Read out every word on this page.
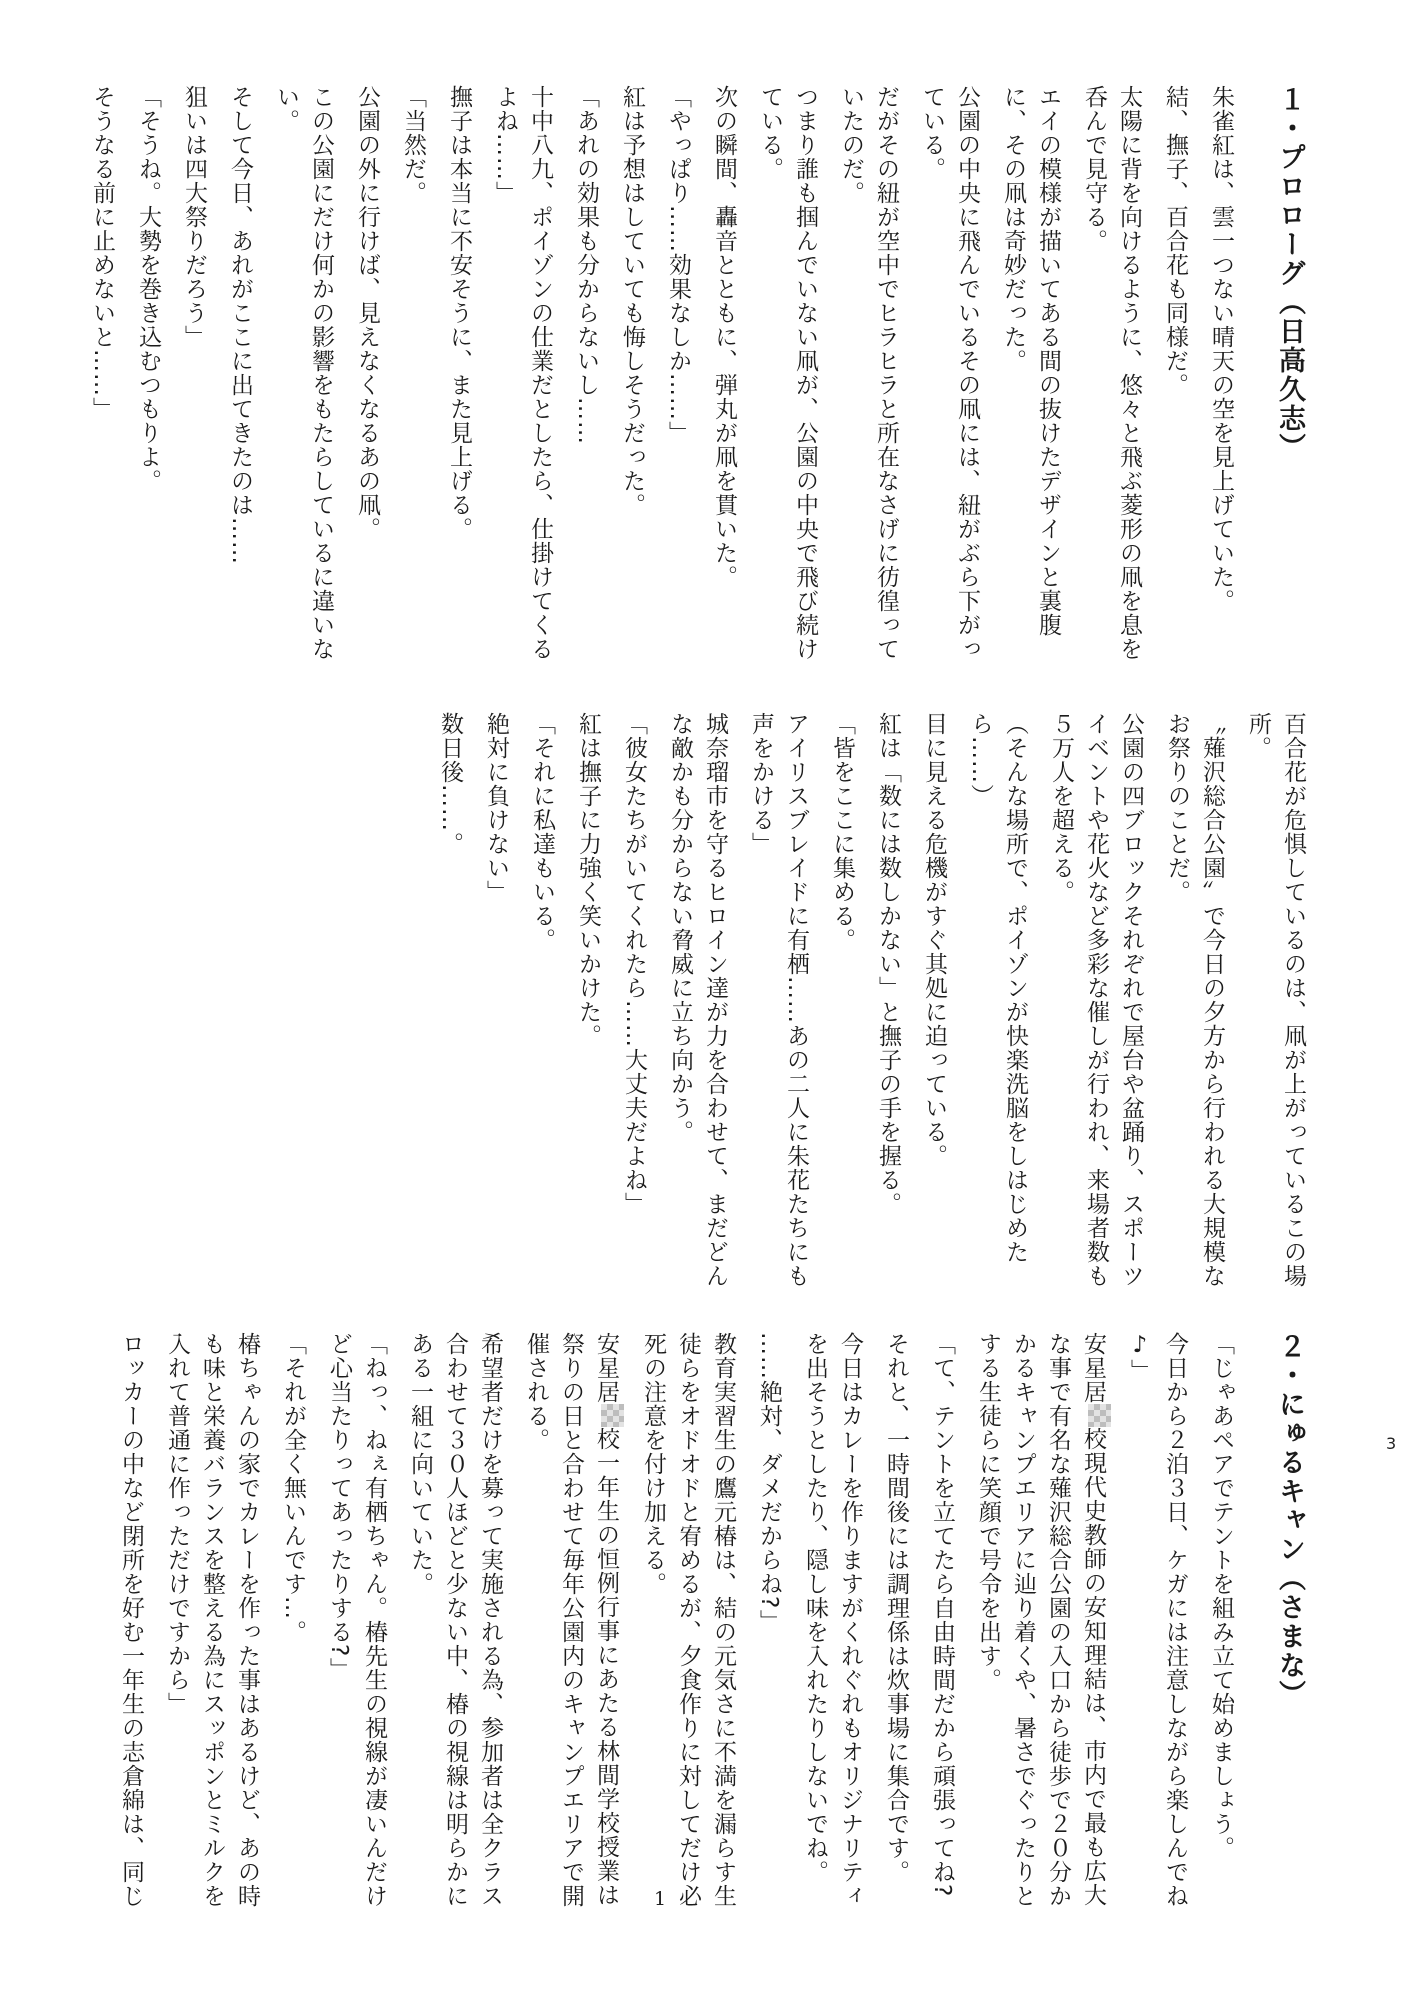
１・プロローグ（日高久志）

朱雀紅は、雲一つない晴天の空を見上げていた。

結、撫子、百合花も同様だ。

太陽に背を向けるように、悠々と飛ぶ菱形の凧を息を呑んで見守る。

エイの模様が描いてある間の抜けたデザインと裏腹に、その凧は奇妙だった。

公園の中央に飛んでいるその凧には、紐がぶら下がっている。

だがその紐が空中でヒラヒラと所在なさげに彷徨っていたのだ。

つまり誰も掴んでいない凧が、公園の中央で飛び続けている。

次の瞬間、轟音とともに、弾丸が凧を貫いた。

「やっぱり……効果なしか……」

紅は予想はしていても悔しそうだった。

「あれの効果も分からないし……

十中八九、ポイゾンの仕業だとしたら、仕掛けてくるよね……」

撫子は本当に不安そうに、また見上げる。

「当然だ。

公園の外に行けば、見えなくなるあの凧。

この公園にだけ何かの影響をもたらしているに違いない。

そして今日、あれがここに出てきたのは……

狙いは四大祭りだろう」

「そうね。大勢を巻き込むつもりよ。

そうなる前に止めないと……」

百合花が危惧しているのは、凧が上がっているこの場所。

〝薙沢総合公園〟で今日の夕方から行われる大規模なお祭りのことだ。

公園の四ブロックそれぞれで屋台や盆踊り、スポーツイベントや花火など多彩な催しが行われ、来場者数も５万人を超える。

（そんな場所で、ポイゾンが快楽洗脳をしはじめたら……）

目に見える危機がすぐ其処に迫っている。

紅は「数には数しかない」と撫子の手を握る。

「皆をここに集める。

アイリスブレイドに有栖……あの二人に朱花たちにも声をかける」

城奈瑠市を守るヒロイン達が力を合わせて、まだどんな敵かも分からない脅威に立ち向かう。

「彼女たちがいてくれたら……大丈夫だよね」

紅は撫子に力強く笑いかけた。

「それに私達もいる。

絶対に負けない」

数日後……。

２・にゅるキャン（さまな）

「じゃあペアでテントを組み立て始めましょう。

今日から２泊３日、ケガには注意しながら楽しんでね♪」

安星居校現代史教師の安知理結は、市内で最も広大な事で有名な薙沢総合公園の入口から徒歩で２０分かかるキャンプエリアに辿り着くや、暑さでぐったりとする生徒らに笑顔で号令を出す。

「て、テントを立てたら自由時間だから頑張ってね?

それと、一時間後には調理係は炊事場に集合です。

今日はカレーを作りますがくれぐれもオリジナリティを出そうとしたり、隠し味を入れたりしないでね。

……絶対、ダメだからね?」

教育実習生の鷹元椿は、結の元気さに不満を漏らす生徒らをオドオドと宥めるが、夕食作りに対してだけ必死の注意を付け加える。

安星居校一年生の恒例行事にあたる林間学校授業は祭りの日と合わせて毎年公園内のキャンプエリアで開催される。

希望者だけを募って実施される為、参加者は全クラス合わせて３０人ほどと少ない中、椿の視線は明らかにある一組に向いていた。

「ねっ、ねぇ有栖ちゃん。椿先生の視線が凄いんだけど心当たりってあったりする?」

「それが全く無いんです…。

椿ちゃんの家でカレーを作った事はあるけど、あの時も味と栄養バランスを整える為にスッポンとミルクを入れて普通に作っただけですから」

ロッカーの中など閉所を好む一年生の志倉綿は、同じ	1
3
